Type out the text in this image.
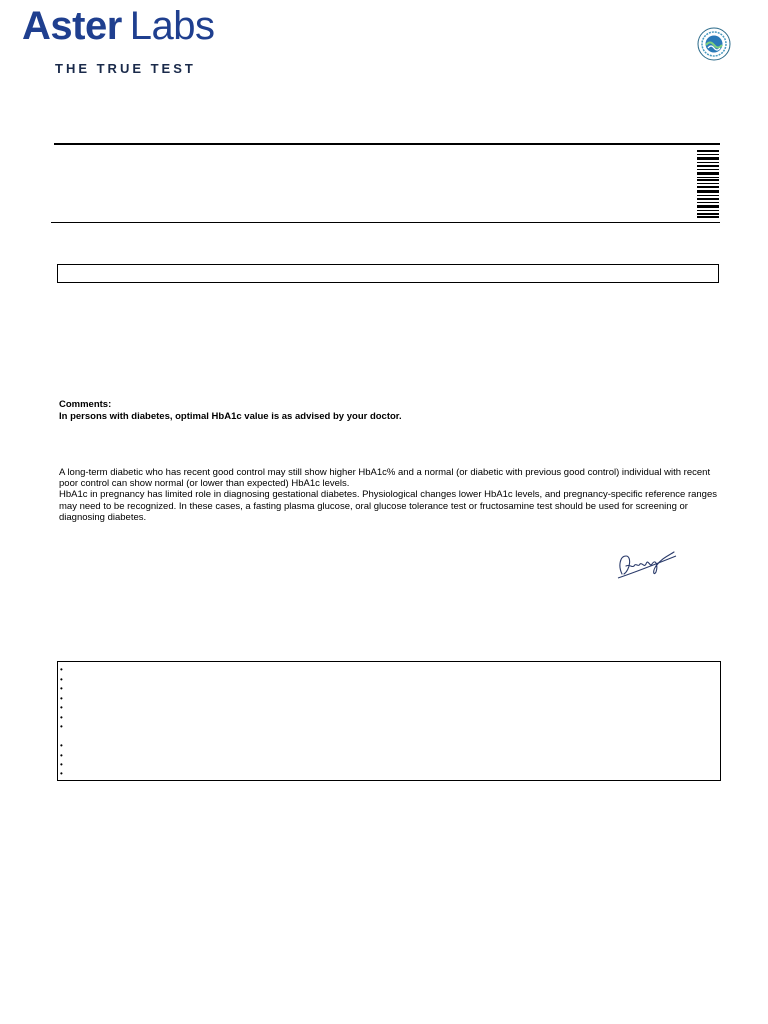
Aster Labs
THE TRUE TEST

Comments:

In persons with diabetes, optimal HbA1c value is as advised by your doctor.

A long-term diabetic who has recent good control may still show higher HbA1c% and a normal (or diabetic with previous good control) individual with recent poor control can show normal (or lower than expected) HbA1c levels.

HbA1c in pregnancy has limited role in diagnosing gestational diabetes. Physiological changes lower HbA1c levels, and pregnancy-specific reference ranges may need to be recognized. In these cases, a fasting plasma glucose, oral glucose tolerance test or fructosamine test should be used for screening or diagnosing diabetes.

•
•
•
•
•
•
•
•
•
•
•
